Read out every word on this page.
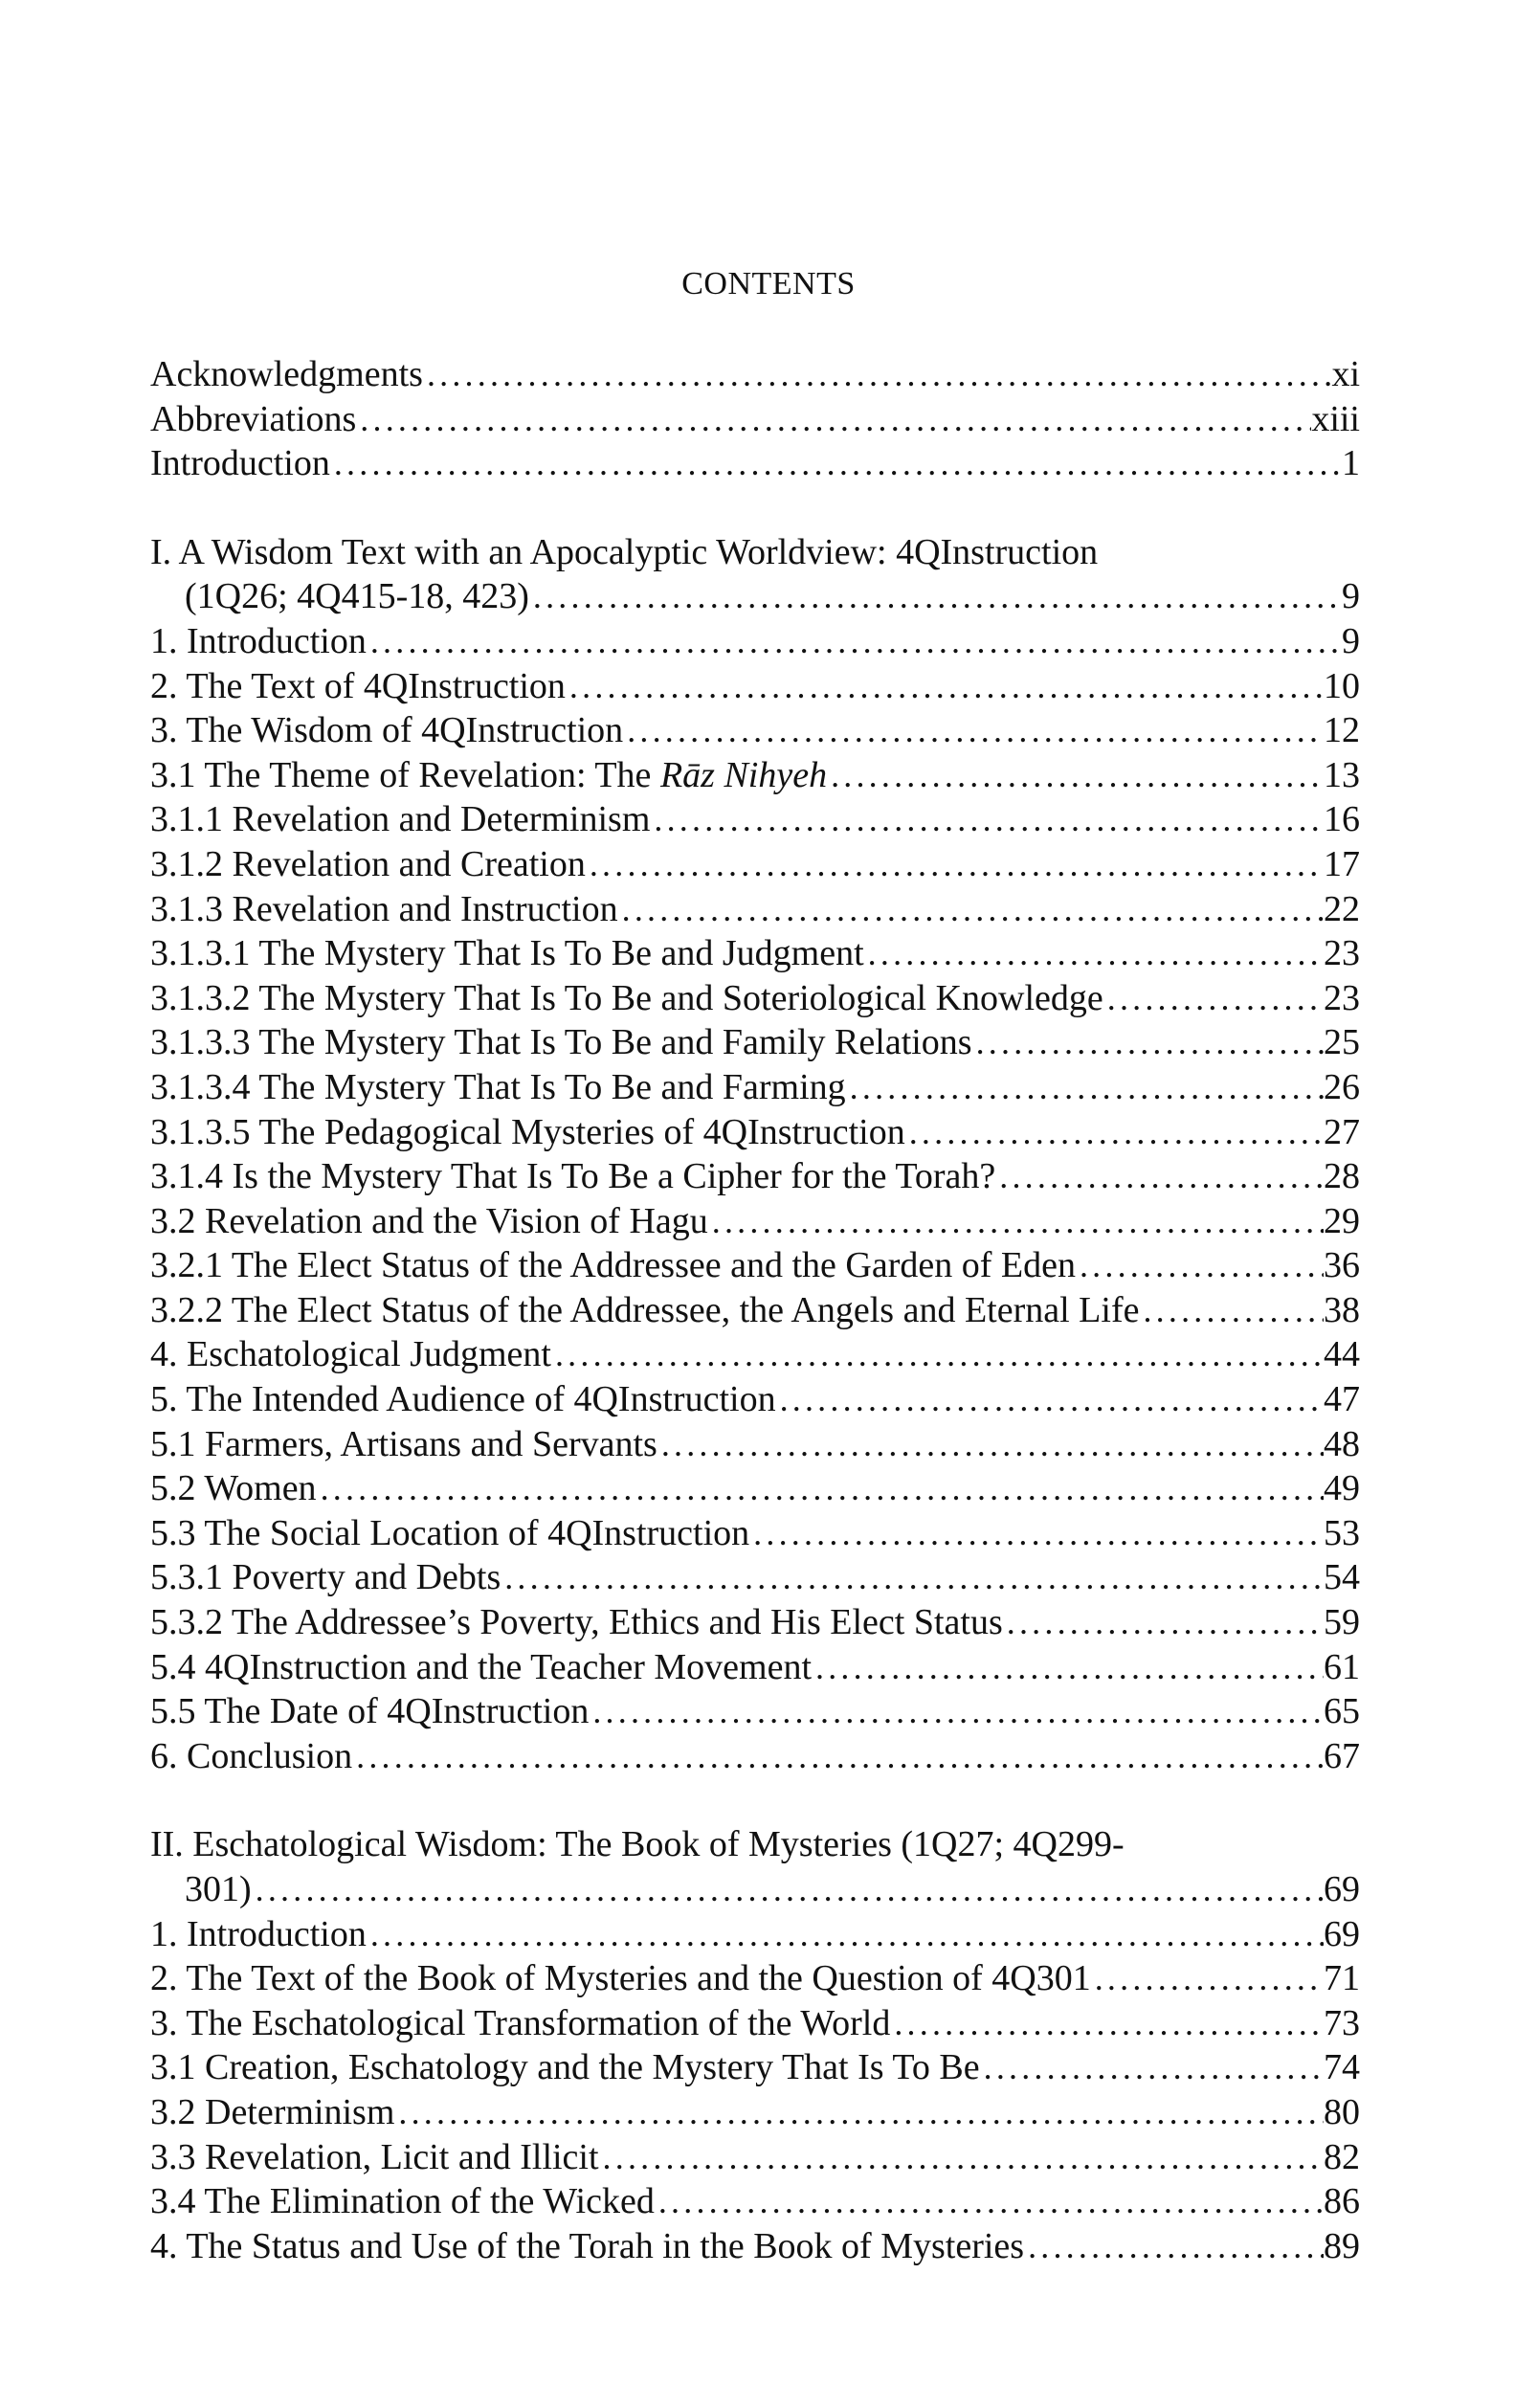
CONTENTS
Acknowledgments .....	xi
Abbreviations .....	xiii
Introduction .....	1
I. A Wisdom Text with an Apocalyptic Worldview: 4QInstruction
(1Q26; 4Q415-18, 423) .....	9
1. Introduction .....	9
2. The Text of 4QInstruction .....	10
3. The Wisdom of 4QInstruction .....	12
3.1 The Theme of Revelation: The Rāz Nihyeh .....	13
3.1.1 Revelation and Determinism .....	16
3.1.2 Revelation and Creation .....	17
3.1.3 Revelation and Instruction .....	22
3.1.3.1 The Mystery That Is To Be and Judgment .....	23
3.1.3.2 The Mystery That Is To Be and Soteriological Knowledge .....	23
3.1.3.3 The Mystery That Is To Be and Family Relations .....	25
3.1.3.4 The Mystery That Is To Be and Farming .....	26
3.1.3.5 The Pedagogical Mysteries of 4QInstruction .....	27
3.1.4 Is the Mystery That Is To Be a Cipher for the Torah? .....	28
3.2 Revelation and the Vision of Hagu .....	29
3.2.1 The Elect Status of the Addressee and the Garden of Eden .....	36
3.2.2 The Elect Status of the Addressee, the Angels and Eternal Life .....	38
4. Eschatological Judgment .....	44
5. The Intended Audience of 4QInstruction .....	47
5.1 Farmers, Artisans and Servants .....	48
5.2 Women .....	49
5.3 The Social Location of 4QInstruction .....	53
5.3.1 Poverty and Debts .....	54
5.3.2 The Addressee’s Poverty, Ethics and His Elect Status .....	59
5.4 4QInstruction and the Teacher Movement .....	61
5.5 The Date of 4QInstruction .....	65
6. Conclusion .....	67
II. Eschatological Wisdom: The Book of Mysteries (1Q27; 4Q299-
301) .....	69
1. Introduction .....	69
2. The Text of the Book of Mysteries and the Question of 4Q301 .....	71
3. The Eschatological Transformation of the World .....	73
3.1 Creation, Eschatology and the Mystery That Is To Be .....	74
3.2 Determinism .....	80
3.3 Revelation, Licit and Illicit .....	82
3.4 The Elimination of the Wicked .....	86
4. The Status and Use of the Torah in the Book of Mysteries .....	89
